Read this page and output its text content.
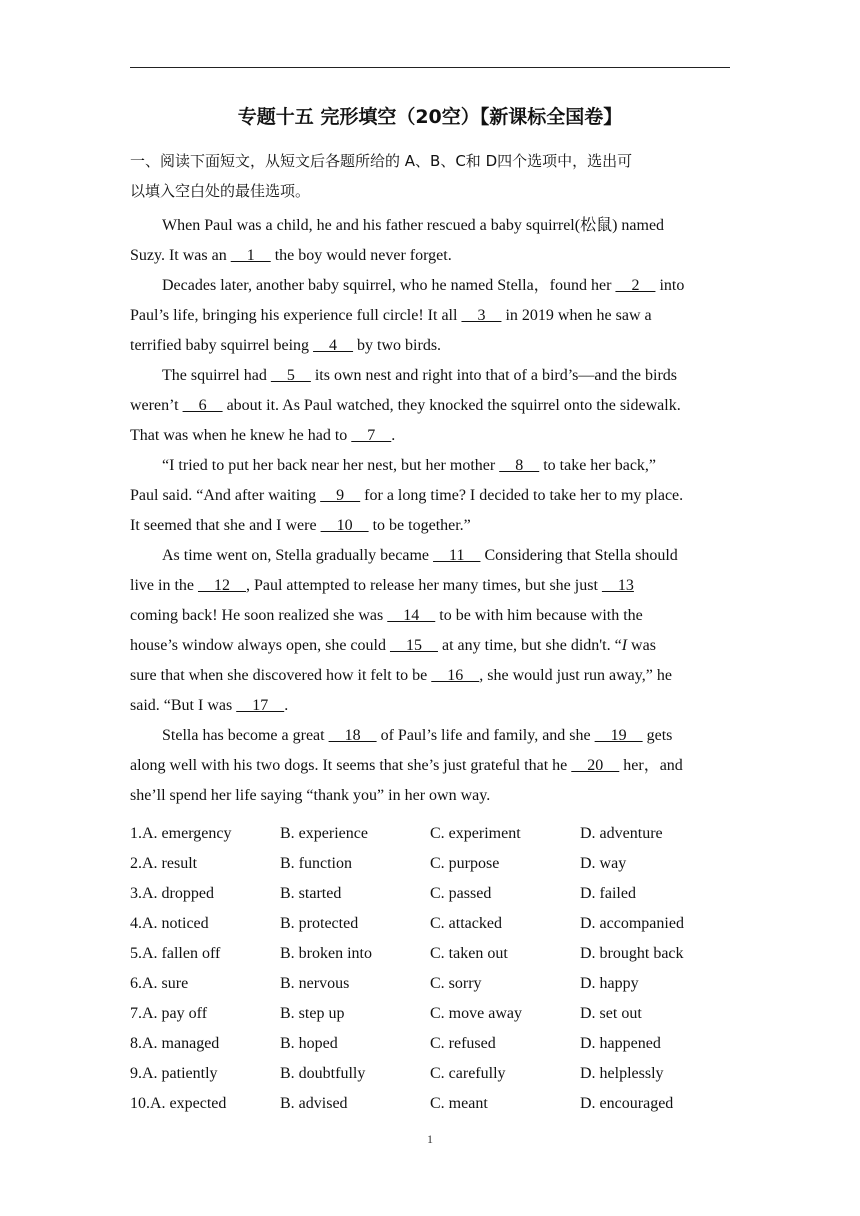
专题十五 完形填空（20空）【新课标全国卷】
一、阅读下面短文，从短文后各题所给的 A、B、C和 D四个选项中，选出可
以填入空白处的最佳选项。

When Paul was a child, he and his father rescued a baby squirrel(松鼠) named
Suzy. It was an     1     the boy would never forget.

Decades later, another baby squirrel, who he named Stella，found her     2     into
Paul’s life, bringing his experience full circle! It all     3     in 2019 when he saw a
terrified baby squirrel being     4     by two birds.

The squirrel had     5     its own nest and right into that of a bird’s—and the birds
weren’t     6     about it. As Paul watched, they knocked the squirrel onto the sidewalk.
That was when he knew he had to     7    .

“I tried to put her back near her nest, but her mother     8     to take her back,”
Paul said. “And after waiting     9     for a long time? I decided to take her to my place.
It seemed that she and I were     10     to be together.”

As time went on, Stella gradually became     11     Considering that Stella should
live in the     12    , Paul attempted to release her many times, but she just     13
coming back! He soon realized she was     14     to be with him because with the
house’s window always open, she could     15     at any time, but she didn't. “I was
sure that when she discovered how it felt to be     16    , she would just run away,” he
said. “But I was     17    .

Stella has become a great     18     of Paul’s life and family, and she     19     gets
along well with his two dogs. It seems that she’s just grateful that he     20     her，and
she’ll spend her life saying “thank you” in her own way.

1.A. emergency	B. experience	C. experiment	D. adventure
2.A. result	B. function	C. purpose	D. way
3.A. dropped	B. started	C. passed	D. failed
4.A. noticed	B. protected	C. attacked	D. accompanied
5.A. fallen off	B. broken into	C. taken out	D. brought back
6.A. sure	B. nervous	C. sorry	D. happy
7.A. pay off	B. step up	C. move away	D. set out
8.A. managed	B. hoped	C. refused	D. happened
9.A. patiently	B. doubtfully	C. carefully	D. helplessly
10.A. expected	B. advised	C. meant	D. encouraged
1
